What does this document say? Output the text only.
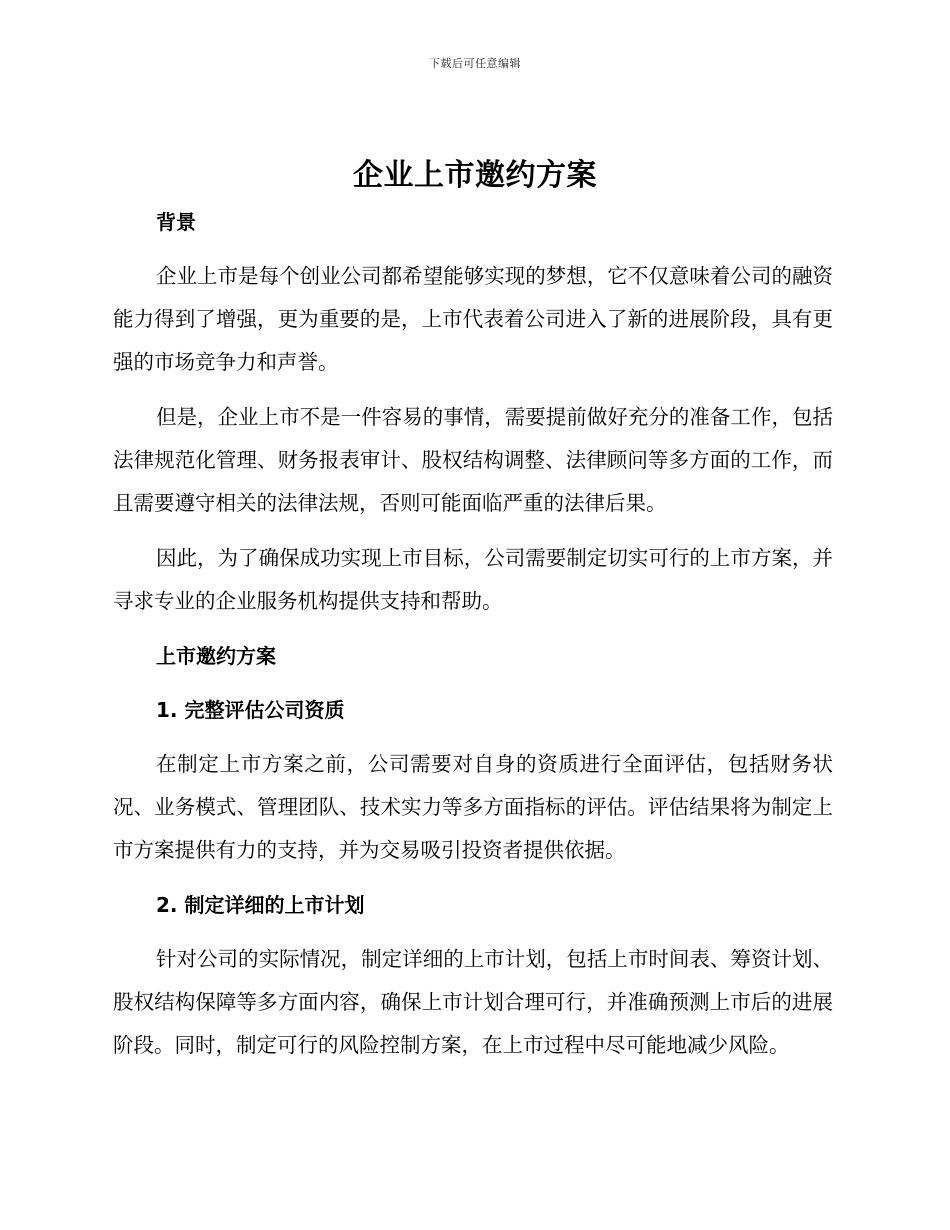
下载后可任意编辑
企业上市邀约方案
背景

企业上市是每个创业公司都希望能够实现的梦想，它不仅意味着公司的融资能力得到了增强，更为重要的是，上市代表着公司进入了新的进展阶段，具有更强的市场竞争力和声誉。

但是，企业上市不是一件容易的事情，需要提前做好充分的准备工作，包括法律规范化管理、财务报表审计、股权结构调整、法律顾问等多方面的工作，而且需要遵守相关的法律法规，否则可能面临严重的法律后果。

因此，为了确保成功实现上市目标，公司需要制定切实可行的上市方案，并寻求专业的企业服务机构提供支持和帮助。

上市邀约方案
1. 完整评估公司资质

在制定上市方案之前，公司需要对自身的资质进行全面评估，包括财务状况、业务模式、管理团队、技术实力等多方面指标的评估。评估结果将为制定上市方案提供有力的支持，并为交易吸引投资者提供依据。

2. 制定详细的上市计划

针对公司的实际情况，制定详细的上市计划，包括上市时间表、筹资计划、股权结构保障等多方面内容，确保上市计划合理可行，并准确预测上市后的进展阶段。同时，制定可行的风险控制方案，在上市过程中尽可能地减少风险。
